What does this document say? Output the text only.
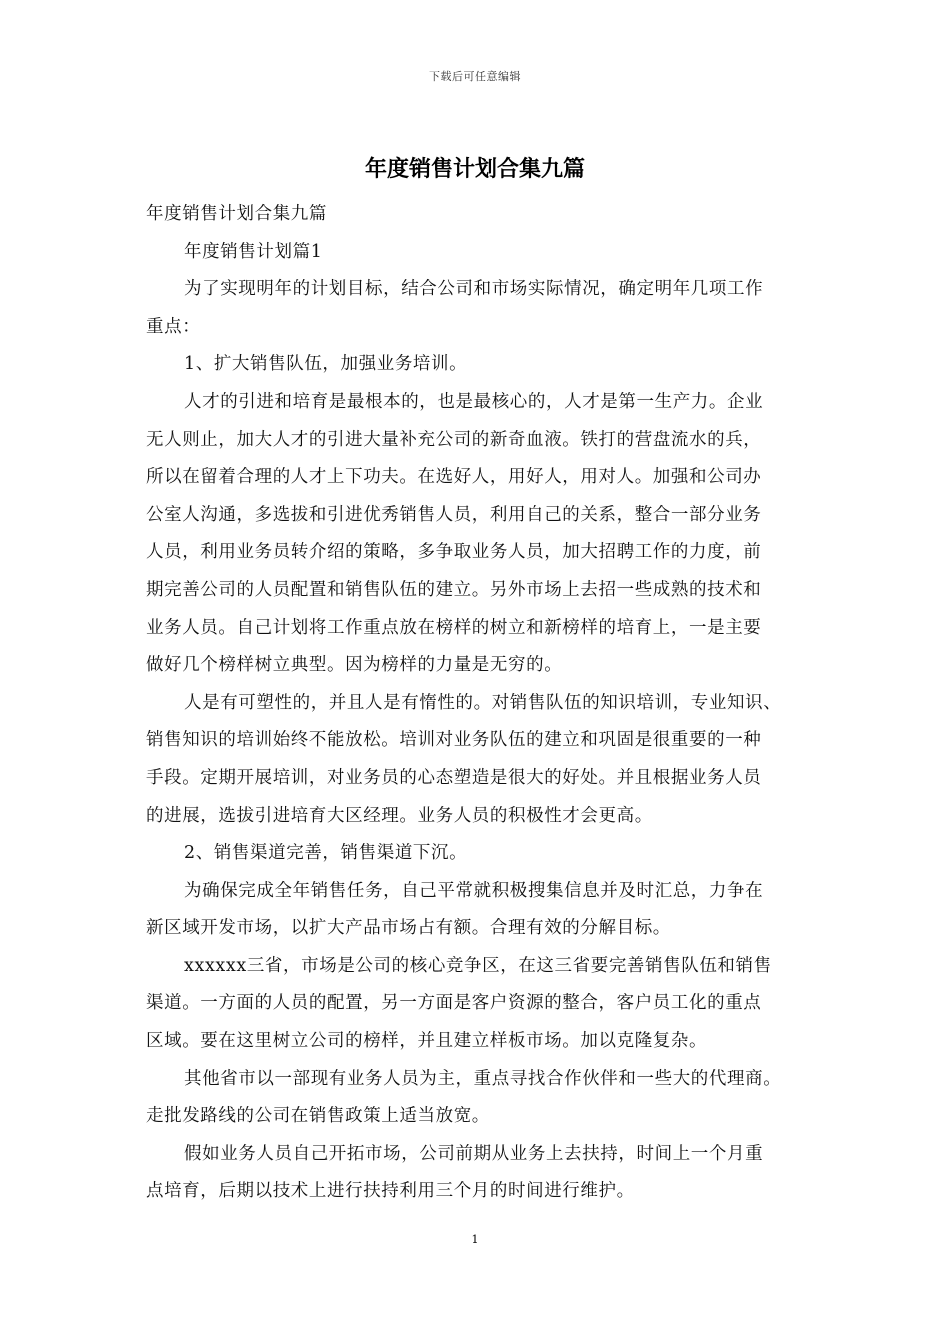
下载后可任意编辑
年度销售计划合集九篇
年度销售计划合集九篇
年度销售计划篇1
为了实现明年的计划目标，结合公司和市场实际情况，确定明年几项工作
重点：
1、扩大销售队伍，加强业务培训。
人才的引进和培育是最根本的，也是最核心的，人才是第一生产力。企业
无人则止，加大人才的引进大量补充公司的新奇血液。铁打的营盘流水的兵，
所以在留着合理的人才上下功夫。在选好人，用好人，用对人。加强和公司办
公室人沟通，多选拔和引进优秀销售人员，利用自己的关系，整合一部分业务
人员，利用业务员转介绍的策略，多争取业务人员，加大招聘工作的力度，前
期完善公司的人员配置和销售队伍的建立。另外市场上去招一些成熟的技术和
业务人员。自己计划将工作重点放在榜样的树立和新榜样的培育上，一是主要
做好几个榜样树立典型。因为榜样的力量是无穷的。
人是有可塑性的，并且人是有惰性的。对销售队伍的知识培训，专业知识、
销售知识的培训始终不能放松。培训对业务队伍的建立和巩固是很重要的一种
手段。定期开展培训，对业务员的心态塑造是很大的好处。并且根据业务人员
的进展，选拔引进培育大区经理。业务人员的积极性才会更高。
2、销售渠道完善，销售渠道下沉。
为确保完成全年销售任务，自己平常就积极搜集信息并及时汇总，力争在
新区域开发市场，以扩大产品市场占有额。合理有效的分解目标。
xxxxxx三省，市场是公司的核心竞争区，在这三省要完善销售队伍和销售
渠道。一方面的人员的配置，另一方面是客户资源的整合，客户员工化的重点
区域。要在这里树立公司的榜样，并且建立样板市场。加以克隆复杂。
其他省市以一部现有业务人员为主，重点寻找合作伙伴和一些大的代理商。
走批发路线的公司在销售政策上适当放宽。
假如业务人员自己开拓市场，公司前期从业务上去扶持，时间上一个月重
点培育，后期以技术上进行扶持利用三个月的时间进行维护。
1
